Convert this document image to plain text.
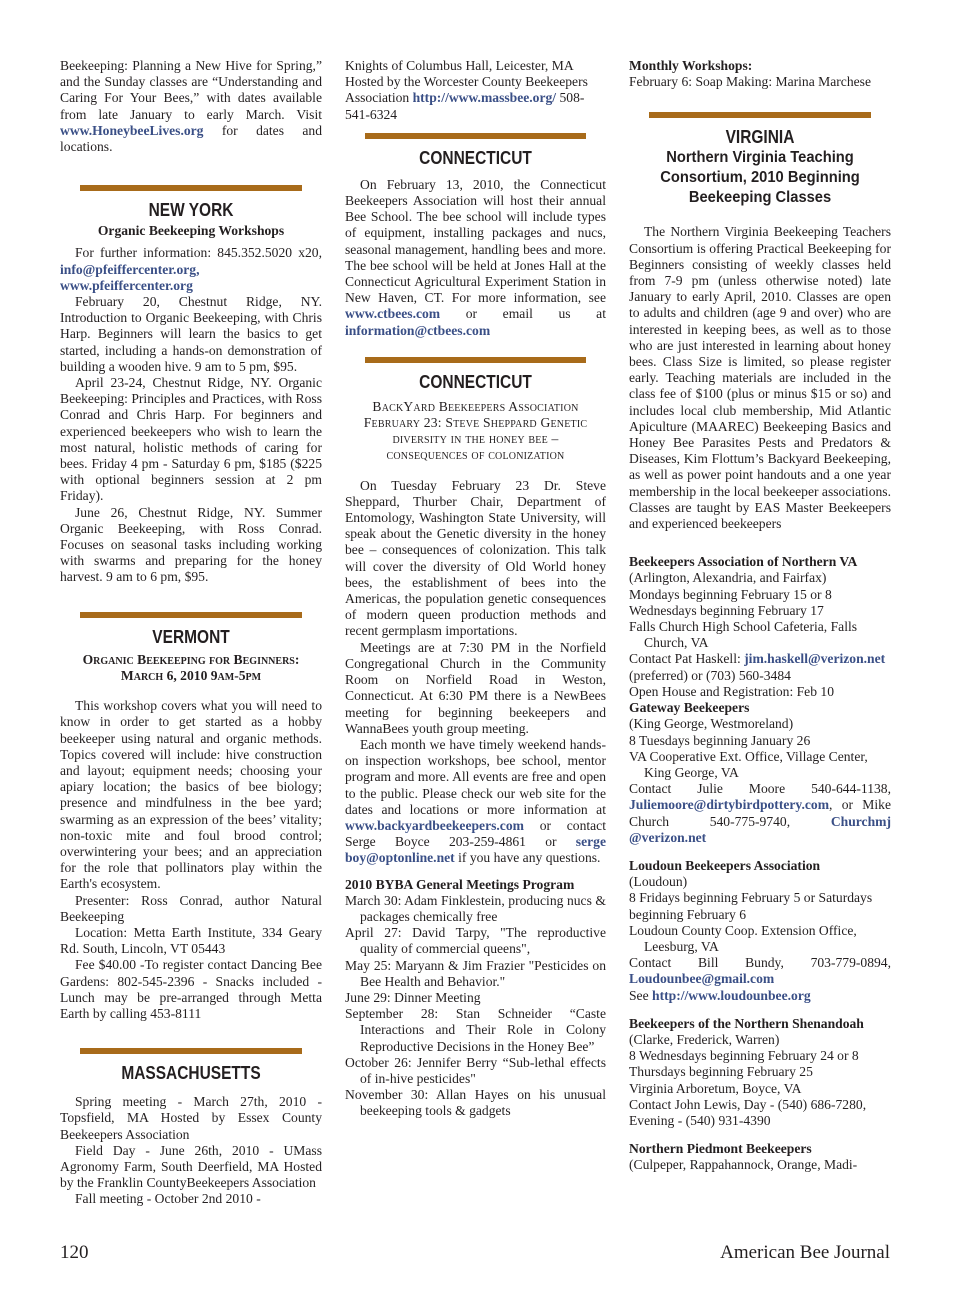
Beekeeping: Planning a New Hive for Spring,” and the Sunday classes are “Understanding and Caring For Your Bees,” with dates available from late January to early March. Visit www.HoneybeeLives.org for dates and locations.

NEW YORK
Organic Beekeeping Workshops

For further information: 845.352.5020 x20, info@pfeiffercenter.org, www.pfeiffercenter.org

February 20, Chestnut Ridge, NY. Introduction to Organic Beekeeping, with Chris Harp. Beginners will learn the basics to get started, including a hands-on demonstration of building a wooden hive. 9 am to 5 pm, $95.

April 23-24, Chestnut Ridge, NY. Organic Beekeeping: Principles and Practices, with Ross Conrad and Chris Harp. For beginners and experienced beekeepers who wish to learn the most natural, holistic methods of caring for bees. Friday 4 pm - Saturday 6 pm, $185 ($225 with optional beginners session at 2 pm Friday).

June 26, Chestnut Ridge, NY. Summer Organic Beekeeping, with Ross Conrad. Focuses on seasonal tasks including working with swarms and preparing for the honey harvest. 9 am to 6 pm, $95.

VERMONT
Organic Beekeeping for Beginners:
March 6, 2010 9am-5pm

This workshop covers what you will need to know in order to get started as a hobby beekeeper using natural and organic methods. Topics covered will include: hive construction and layout; equipment needs; choosing your apiary location; the basics of bee biology; presence and mindfulness in the bee yard; swarming as an expression of the bees’ vitality; non-toxic mite and foul brood control; overwintering your bees; and an appreciation for the role that pollinators play within the Earth's ecosystem.

Presenter: Ross Conrad, author Natural Beekeeping

Location: Metta Earth Institute, 334 Geary Rd. South, Lincoln, VT 05443

Fee $40.00 -To register contact Dancing Bee Gardens: 802-545-2396 - Snacks included - Lunch may be pre-arranged through Metta Earth by calling 453-8111

MASSACHUSETTS

Spring meeting - March 27th, 2010 - Topsfield, MA Hosted by Essex County Beekeepers Association

Field Day - June 26th, 2010 - UMass Agronomy Farm, South Deerfield, MA Hosted by the Franklin CountyBeekeepers Association

Fall meeting - October 2nd 2010 -

Knights of Columbus Hall, Leicester, MA Hosted by the Worcester County Beekeepers Association http://www.massbee.org/ 508-541-6324

CONNECTICUT

On February 13, 2010, the Connecticut Beekeepers Association will host their annual Bee School. The bee school will include types of equipment, installing packages and nucs, seasonal management, handling bees and more. The bee school will be held at Jones Hall at the Connecticut Agricultural Experiment Station in New Haven, CT. For more information, see www.ctbees.com or email us at information@ctbees.com

CONNECTICUT
BackYard Beekeepers Association
February 23: Steve Sheppard Genetic diversity in the honey bee –
consequences of colonization

On Tuesday February 23 Dr. Steve Sheppard, Thurber Chair, Department of Entomology, Washington State University, will speak about the Genetic diversity in the honey bee – consequences of colonization. This talk will cover the diversity of Old World honey bees, the establishment of bees into the Americas, the population genetic consequences of modern queen production methods and recent germplasm importations.

Meetings are at 7:30 PM in the Norfield Congregational Church in the Community Room on Norfield Road in Weston, Connecticut. At 6:30 PM there is a NewBees meeting for beginning beekeepers and WannaBees youth group meeting.

Each month we have timely weekend hands-on inspection workshops, bee school, mentor program and more. All events are free and open to the public. Please check our web site for the dates and locations or more information at www.backyardbeekeepers.com or contact Serge Boyce 203-259-4861 or serge boy@optonline.net if you have any questions.

2010 BYBA General Meetings Program
March 30: Adam Finklestein, producing nucs & packages chemically free
April 27: David Tarpy, "The reproductive quality of commercial queens",
May 25: Maryann & Jim Frazier "Pesticides on Bee Health and Behavior."
June 29: Dinner Meeting
September 28: Stan Schneider “Caste Interactions and Their Role in Colony Reproductive Decisions in the Honey Bee”
October 26: Jennifer Berry “Sub-lethal effects of in-hive pesticides"
November 30: Allan Hayes on his unusual beekeeping tools & gadgets
Monthly Workshops:
February 6: Soap Making: Marina Marchese
VIRGINIA
Northern Virginia Teaching Consortium, 2010 Beginning Beekeeping Classes

The Northern Virginia Beekeeping Teachers Consortium is offering Practical Beekeeping for Beginners consisting of weekly classes held from 7-9 pm (unless otherwise noted) late January to early April, 2010. Classes are open to adults and children (age 9 and over) who are interested in keeping bees, as well as to those who are just interested in learning about honey bees. Class Size is limited, so please register early. Teaching materials are included in the class fee of $100 (plus or minus $15 or so) and includes local club membership, Mid Atlantic Apiculture (MAAREC) Beekeeping Basics and Honey Bee Parasites Pests and Predators & Diseases, Kim Flottum’s Backyard Beekeeping, as well as power point handouts and a one year membership in the local beekeeper associations. Classes are taught by EAS Master Beekeepers and experienced beekeepers

Beekeepers Association of Northern VA
(Arlington, Alexandria, and Fairfax)
Mondays beginning February 15 or 8
Wednesdays beginning February 17
Falls Church High School Cafeteria, Falls Church, VA
Contact Pat Haskell: jim.haskell@verizon.net (preferred) or (703) 560-3484
Open House and Registration: Feb 10
Gateway Beekeepers
(King George, Westmoreland)
8 Tuesdays beginning January 26
VA Cooperative Ext. Office, Village Center, King George, VA
Contact Julie Moore 540-644-1138, Juliemoore@dirtybirdpottery.com, or Mike Church 540-775-9740, Churchmj @verizon.net
Loudoun Beekeepers Association
(Loudoun)
8 Fridays beginning February 5 or Saturdays beginning February 6
Loudoun County Coop. Extension Office, Leesburg, VA
Contact Bill Bundy, 703-779-0894,
Loudounbee@gmail.com
See http://www.loudounbee.org
Beekeepers of the Northern Shenandoah
(Clarke, Frederick, Warren)
8 Wednesdays beginning February 24 or 8 Thursdays beginning February 25
Virginia Arboretum, Boyce, VA
Contact John Lewis, Day - (540) 686-7280, Evening - (540) 931-4390
Northern Piedmont Beekeepers
(Culpeper, Rappahannock, Orange, Madi-
120	American Bee Journal
